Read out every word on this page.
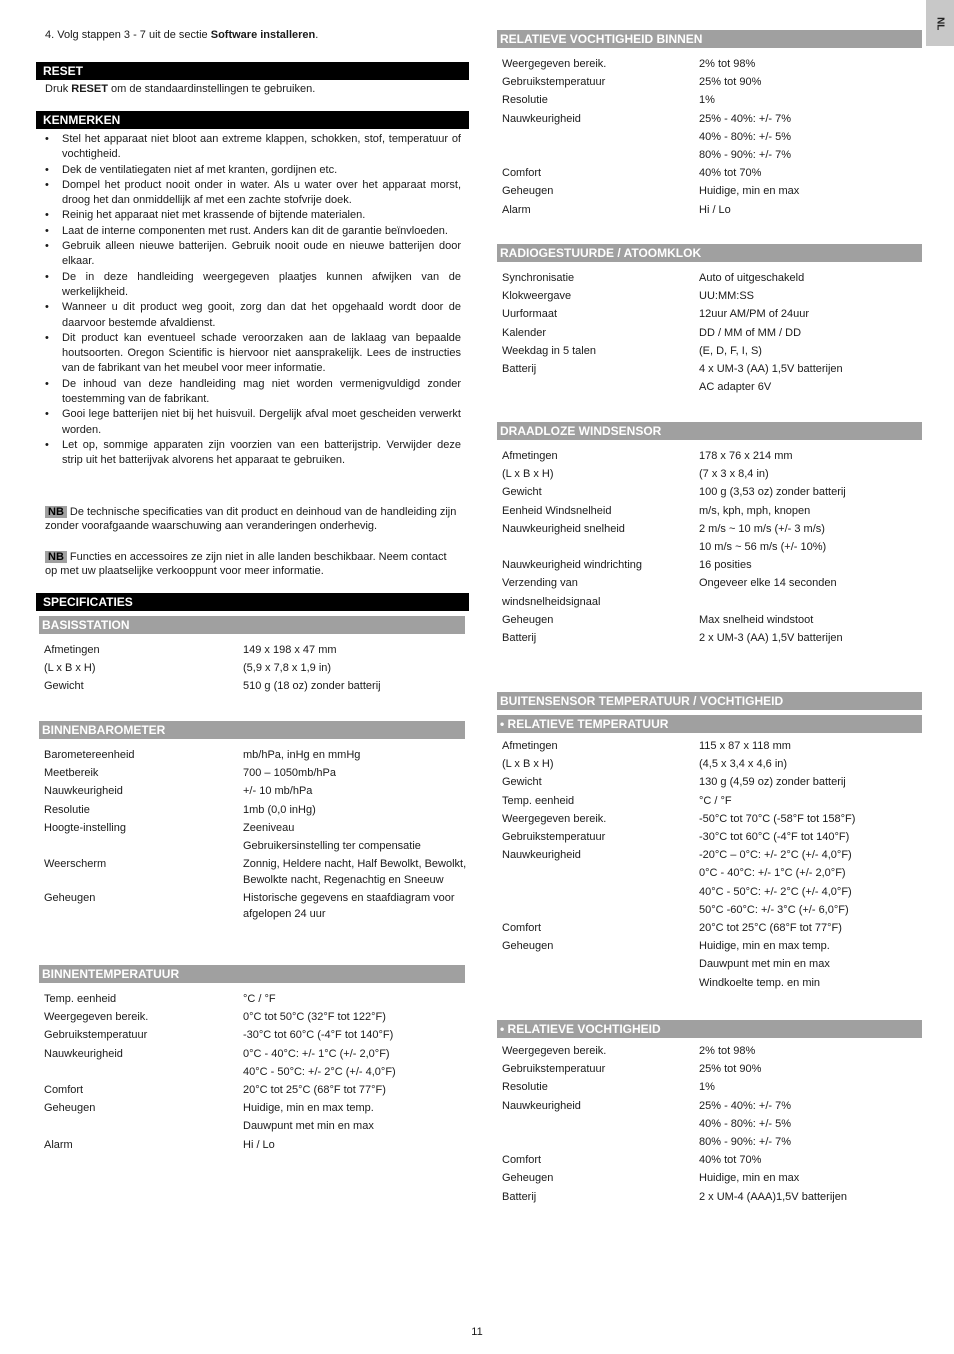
NL
4. Volg stappen 3 - 7 uit de sectie Software installeren.
RESET
Druk RESET om de standaardinstellingen te gebruiken.
KENMERKEN
• Stel het apparaat niet bloot aan extreme klappen, schokken, stof, temperatuur of vochtigheid.
• Dek de ventilatiegaten niet af met kranten, gordijnen etc.
• Dompel het product nooit onder in water. Als u water over het apparaat morst, droog het dan onmiddellijk af met een zachte stofvrije doek.
• Reinig het apparaat niet met krassende of bijtende materialen.
• Laat de interne componenten met rust. Anders kan dit de garantie beïnvloeden.
• Gebruik alleen nieuwe batterijen. Gebruik nooit oude en nieuwe batterijen door elkaar.
• De in deze handleiding weergegeven plaatjes kunnen afwijken van de werkelijkheid.
• Wanneer u dit product weg gooit, zorg dan dat het opgehaald wordt door de daarvoor bestemde afvaldienst.
• Dit product kan eventueel schade veroorzaken aan de laklaag van bepaalde houtsoorten. Oregon Scientific is hiervoor niet aansprakelijk. Lees de instructies van de fabrikant van het meubel voor meer informatie.
• De inhoud van deze handleiding mag niet worden vermenigvuldigd zonder toestemming van de fabrikant.
• Gooi lege batterijen niet bij het huisvuil. Dergelijk afval moet gescheiden verwerkt worden.
• Let op, sommige apparaten zijn voorzien van een batterijstrip. Verwijder deze strip uit het batterijvak alvorens het apparaat te gebruiken.
NB De technische specificaties van dit product en deinhoud van de handleiding zijn zonder voorafgaande waarschuwing aan veranderingen onderhevig.
NB Functies en accessoires ze zijn niet in alle landen beschikbaar. Neem contact op met uw plaatselijke verkooppunt voor meer informatie.
SPECIFICATIES
BASISSTATION
Afmetingen	149 x 198 x 47 mm
(L x B x H)	(5,9 x 7,8 x 1,9 in)
Gewicht	510 g (18 oz) zonder batterij
BINNENBAROMETER
Barometereenheid	mb/hPa, inHg en mmHg
Meetbereik	700 – 1050mb/hPa
Nauwkeurigheid	+/- 10 mb/hPa
Resolutie	1mb (0,0 inHg)
Hoogte-instelling	Zeeniveau
Gebruikersinstelling ter compensatie
Weerscherm	Zonnig, Heldere nacht, Half Bewolkt, Bewolkt, Bewolkte nacht, Regenachtig en Sneeuw
Geheugen	Historische gegevens en staafdiagram voor afgelopen 24 uur
BINNENTEMPERATUUR
Temp. eenheid	°C / °F
Weergegeven bereik.	0°C tot 50°C (32°F tot 122°F)
Gebruikstemperatuur	-30°C tot 60°C (-4°F tot 140°F)
Nauwkeurigheid	0°C - 40°C: +/- 1°C (+/- 2,0°F)
40°C - 50°C: +/- 2°C (+/- 4,0°F)
Comfort	20°C tot 25°C (68°F tot 77°F)
Geheugen	Huidige, min en max temp.
Dauwpunt met min en max
Alarm	Hi / Lo
RELATIEVE VOCHTIGHEID BINNEN
Weergegeven bereik.	2% tot 98%
Gebruikstemperatuur	25% tot 90%
Resolutie	1%
Nauwkeurigheid	25% - 40%: +/- 7%
40% - 80%: +/- 5%
80% - 90%: +/- 7%
Comfort	40% tot 70%
Geheugen	Huidige, min en max
Alarm	Hi / Lo
RADIOGESTUURDE / ATOOMKLOK
Synchronisatie	Auto of uitgeschakeld
Klokweergave	UU:MM:SS
Uurformaat	12uur AM/PM of 24uur
Kalender	DD / MM of MM / DD
Weekdag in 5 talen	(E, D, F, I, S)
Batterij	4 x UM-3 (AA) 1,5V batterijen
AC adapter 6V
DRAADLOZE WINDSENSOR
Afmetingen	178 x 76 x 214 mm
(L x B x H)	(7 x 3 x 8,4 in)
Gewicht	100 g (3,53 oz) zonder batterij
Eenheid Windsnelheid	m/s, kph, mph, knopen
Nauwkeurigheid snelheid	2 m/s ~ 10 m/s (+/- 3 m/s)
10 m/s ~ 56 m/s (+/- 10%)
Nauwkeurigheid windrichting	16 posities
Verzending van	Ongeveer elke 14 seconden
windsnelheidsignaal
Geheugen	Max snelheid windstoot
Batterij	2 x UM-3 (AA) 1,5V batterijen
BUITENSENSOR TEMPERATUUR / VOCHTIGHEID
• RELATIEVE TEMPERATUUR
Afmetingen	115 x 87 x 118 mm
(L x B x H)	(4,5 x 3,4 x 4,6 in)
Gewicht	130 g (4,59 oz) zonder batterij
Temp. eenheid	°C / °F
Weergegeven bereik.	-50°C tot 70°C (-58°F tot 158°F)
Gebruikstemperatuur	-30°C tot 60°C (-4°F tot 140°F)
Nauwkeurigheid	-20°C – 0°C: +/- 2°C (+/- 4,0°F)
0°C - 40°C: +/- 1°C (+/- 2,0°F)
40°C - 50°C: +/- 2°C (+/- 4,0°F)
50°C -60°C: +/- 3°C (+/- 6,0°F)
Comfort	20°C tot 25°C (68°F tot 77°F)
Geheugen	Huidige, min en max temp.
Dauwpunt met min en max
Windkoelte temp. en min
• RELATIEVE VOCHTIGHEID
Weergegeven bereik.	2% tot 98%
Gebruikstemperatuur	25% tot 90%
Resolutie	1%
Nauwkeurigheid	25% - 40%: +/- 7%
40% - 80%: +/- 5%
80% - 90%: +/- 7%
Comfort	40% tot 70%
Geheugen	Huidige, min en max
Batterij	2 x UM-4 (AAA)1,5V batterijen
11
